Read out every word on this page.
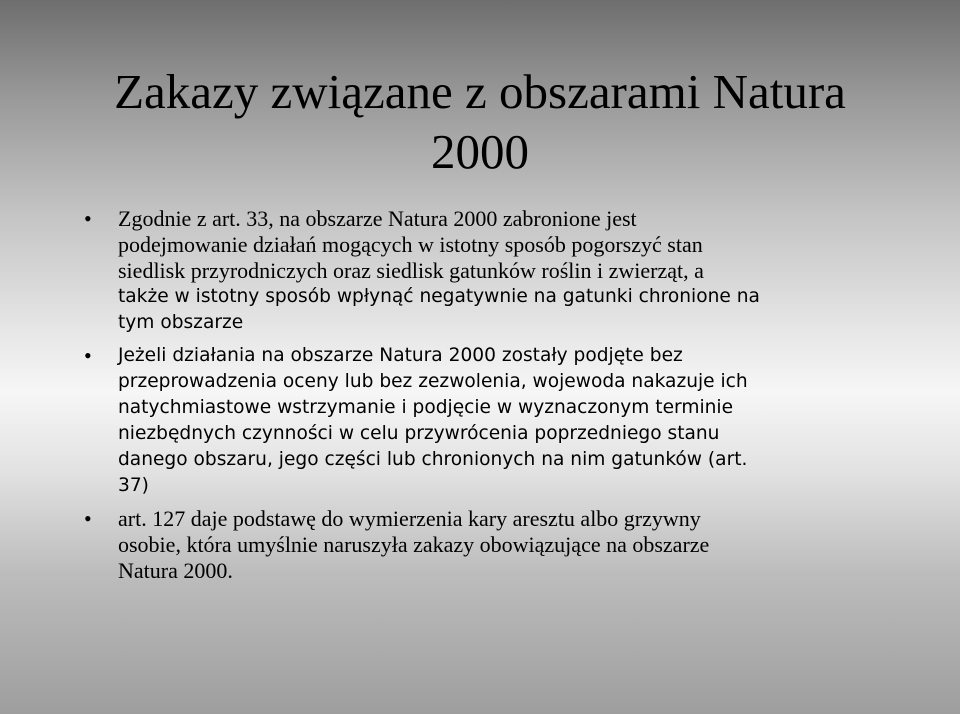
Zakazy związane z obszarami Natura
2000
• Zgodnie z art. 33, na obszarze Natura 2000 zabronione jest
podejmowanie działań mogących w istotny sposób pogorszyć stan
siedlisk przyrodniczych oraz siedlisk gatunków roślin i zwierząt, a
także w istotny sposób wpłynąć negatywnie na gatunki chronione na
tym obszarze
• Jeżeli działania na obszarze Natura 2000 zostały podjęte bez
przeprowadzenia oceny lub bez zezwolenia, wojewoda nakazuje ich
natychmiastowe wstrzymanie i podjęcie w wyznaczonym terminie
niezbędnych czynności w celu przywrócenia poprzedniego stanu
danego obszaru, jego części lub chronionych na nim gatunków (art.
37)
• art. 127 daje podstawę do wymierzenia kary aresztu albo grzywny
osobie, która umyślnie naruszyła zakazy obowiązujące na obszarze
Natura 2000.
